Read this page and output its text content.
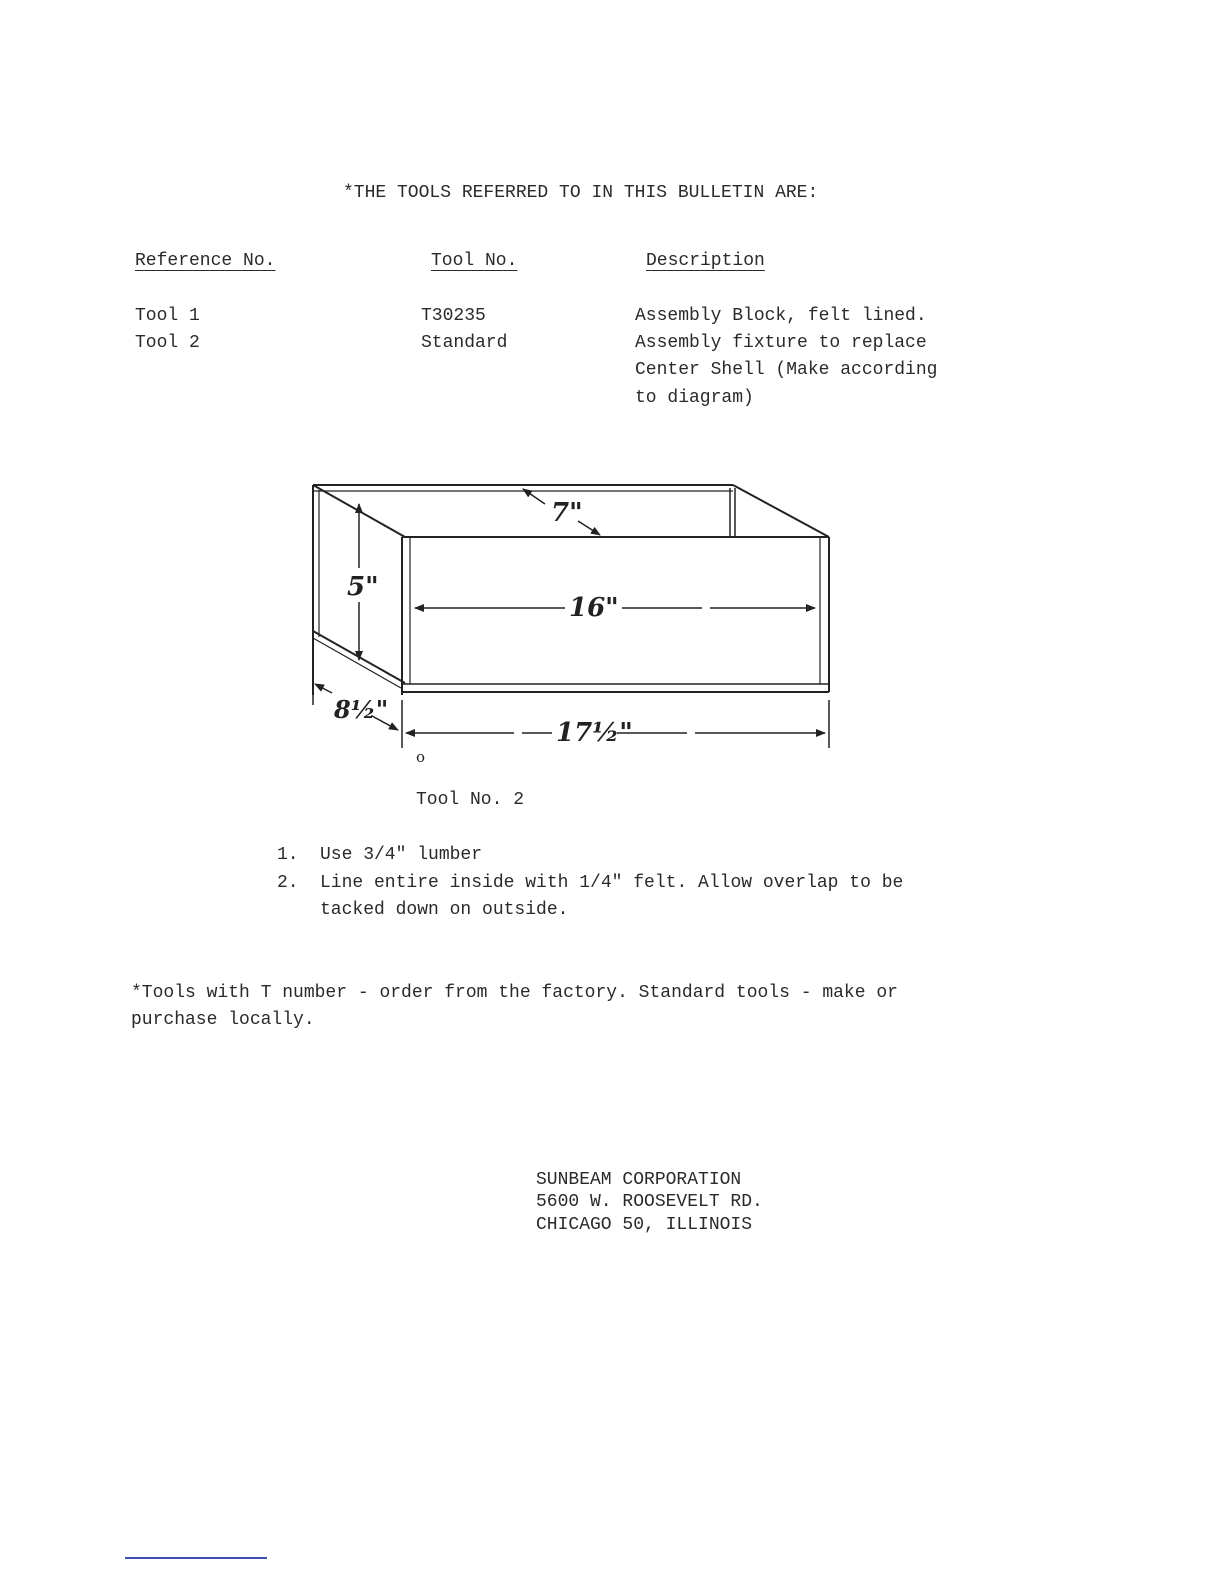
*THE TOOLS REFERRED TO IN THIS BULLETIN ARE:
Reference No.	Tool No.	Description
Tool 1	T30235	Assembly Block, felt lined.
Tool 2	Standard	Assembly fixture to replace
Center Shell (Make according
to diagram)
7"
5"
16"
8½"
17½"
o
Tool No. 2
1. Use 3/4" lumber
2. Line entire inside with 1/4" felt. Allow overlap to be
tacked down on outside.
*Tools with T number - order from the factory. Standard tools - make or
purchase locally.
SUNBEAM CORPORATION
5600 W. ROOSEVELT RD.
CHICAGO 50, ILLINOIS
